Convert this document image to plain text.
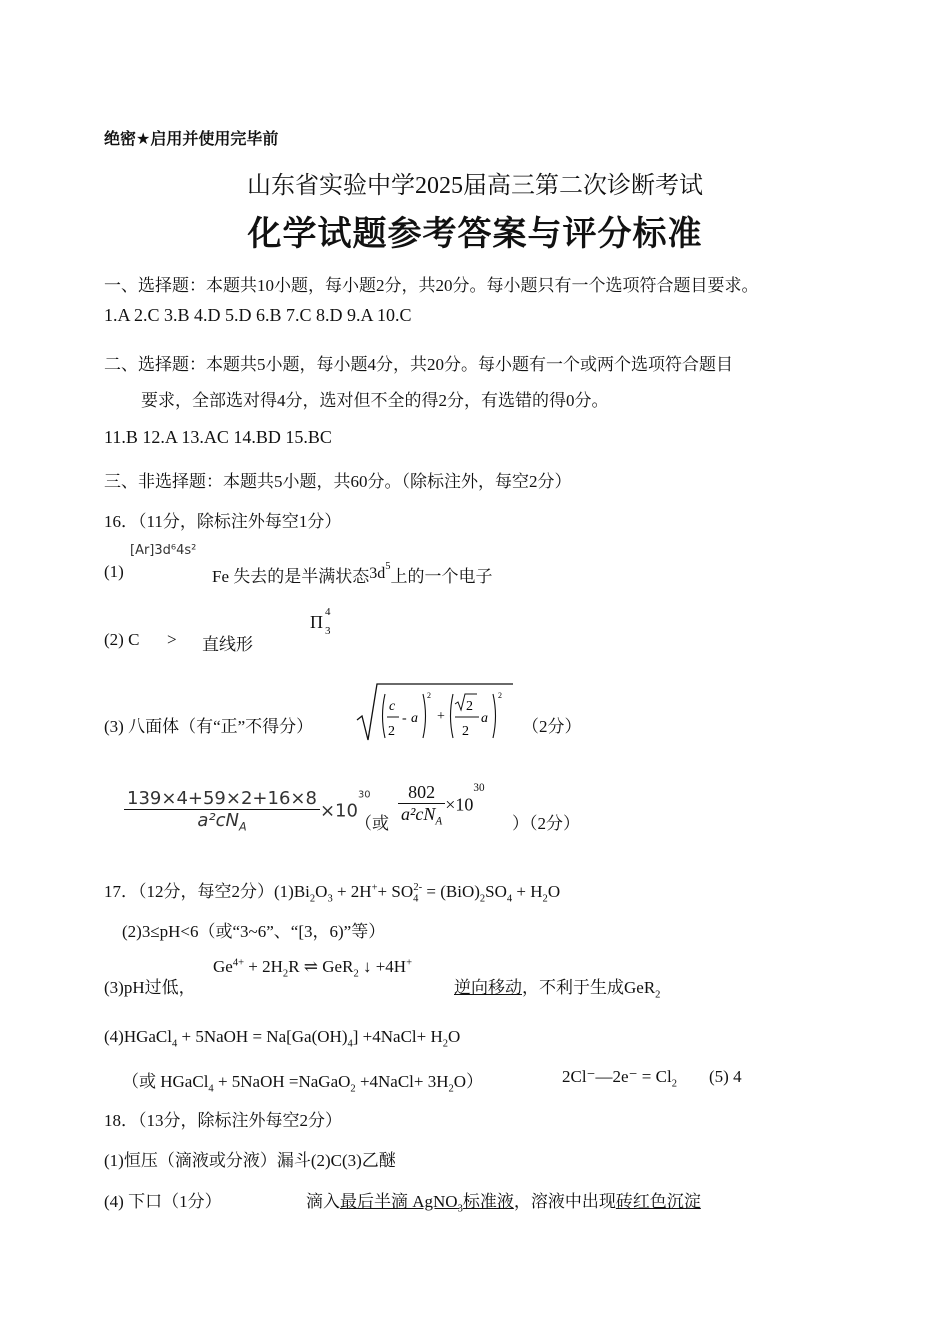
绝密★启用并使用完毕前
山东省实验中学2025届高三第二次诊断考试
化学试题参考答案与评分标准
一、选择题：本题共10小题，每小题2分，共20分。每小题只有一个选项符合题目要求。
1.A 2.C 3.B 4.D 5.D 6.B 7.C 8.D 9.A 10.C
二、选择题：本题共5小题，每小题4分，共20分。每小题有一个或两个选项符合题目
要求，全部选对得4分，选对但不全的得2分，有选错的得0分。
11.B 12.A 13.AC 14.BD 15.BC
三、非选择题：本题共5小题，共60分。（除标注外，每空2分）
16．（11分，除标注外每空1分）
(1)
[Ar]3d⁶4s²
Fe 失去的是半满状态$3d^5$上的一个电子
(2) C > 直线形
Π 4
3
(3) 八面体（有“正”不得分）
c
2
- a
2
+
2
2
a
2
（2分）
$\frac{139\times 4+59\times 2+16\times 8}{a^2cN_A} \times 10^{30}$
（或 $\frac{802}{a^2cN_A} \times 10^{30}$
）（2分）
17．（12分，每空2分）$(1)Bi_2O_3 + 2H^++ SO_4^{2-} = (BiO)_2SO_4 + H_2O$
(2)3≤pH<6（或“3~6”、“[3，6)”等）
(3)pH过低，
$Ge^{4+} + 2H_2R$ ⇌ GeR$_2$ ↓ +4H+
逆向移动，不利于生成GeR$_2$
(4)HGaCl$_4$ + 5NaOH = $Na[Ga(OH)_4]$ +4NaCl+ $H_2O$
（或 HGaCl$_4$ + 5NaOH =NaGaO$_2$ +4NaCl+ $3H_2O$）	2Cl⁻—2e⁻ = $Cl_2$ (5) 4
18．（13分，除标注外每空2分）
(1)恒压（滴液或分液）漏斗(2)C(3)乙醚
(4) 下口（1分）	滴入最后半滴 AgNO$_3$标准液，溶液中出现砖红色沉淀
